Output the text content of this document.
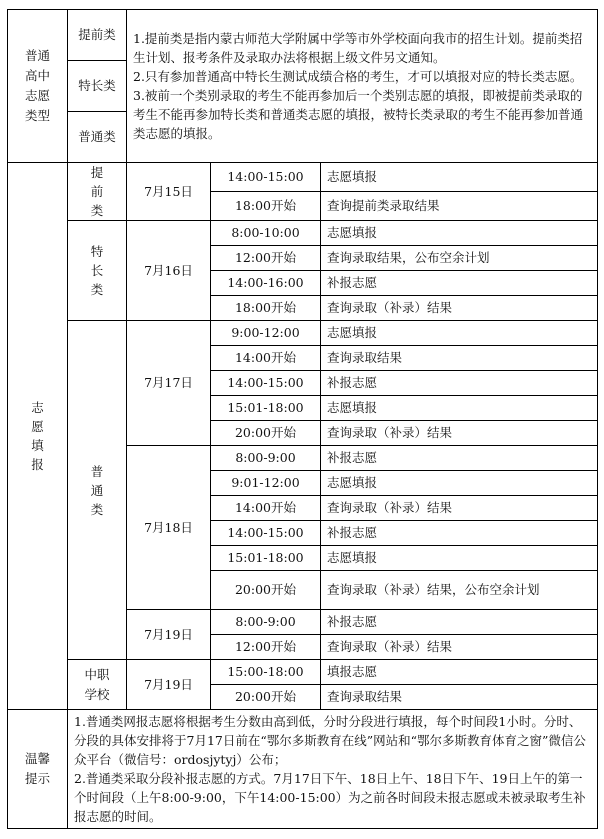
普通高中志愿类型	提前类	1.提前类是指内蒙古师范大学附属中学等市外学校面向我市的招生计划。提前类招生计划、报考条件及录取办法将根据上级文件另文通知。
2.只有参加普通高中特长生测试成绩合格的考生，才可以填报对应的特长类志愿。
3.被前一个类别录取的考生不能再参加后一个类别志愿的填报，即被提前类录取的考生不能再参加特长类和普通类志愿的填报，被特长类录取的考生不能再参加普通类志愿的填报。		

	特长类			
	普通类			
志愿填报	提前类	7月15日	14:00-15:00	志愿填报
			18:00开始	查询提前类录取结果
	特长类	7月16日	8:00-10:00	志愿填报
			12:00开始	查询录取结果，公布空余计划
			14:00-16:00	补报志愿
			18:00开始	查询录取（补录）结果
	普通类	7月17日	9:00-12:00	志愿填报
			14:00开始	查询录取结果
			14:00-15:00	补报志愿
			15:01-18:00	志愿填报
			20:00开始	查询录取（补录）结果
		7月18日	8:00-9:00	补报志愿
			9:01-12:00	志愿填报
			14:00开始	查询录取（补录）结果
			14:00-15:00	补报志愿
			15:01-18:00	志愿填报
			20:00开始	查询录取（补录）结果，公布空余计划
		7月19日	8:00-9:00	补报志愿
			12:00开始	查询录取（补录）结果
	中职学校	7月19日	15:00-18:00	填报志愿
			20:00开始	查询录取结果
温馨提示	1.普通类网报志愿将根据考生分数由高到低，分时分段进行填报，每个时间段1小时。分时、分段的具体安排将于7月17日前在“鄂尔多斯教育在线”网站和“鄂尔多斯教育体育之窗”微信公众平台（微信号：ordosjytyj）公布；
2.普通类采取分段补报志愿的方式。7月17日下午、18日上午、18日下午、19日上午的第一个时间段（上午8:00-9:00，下午14:00-15:00）为之前各时间段未报志愿或未被录取考生补报志愿的时间。			
